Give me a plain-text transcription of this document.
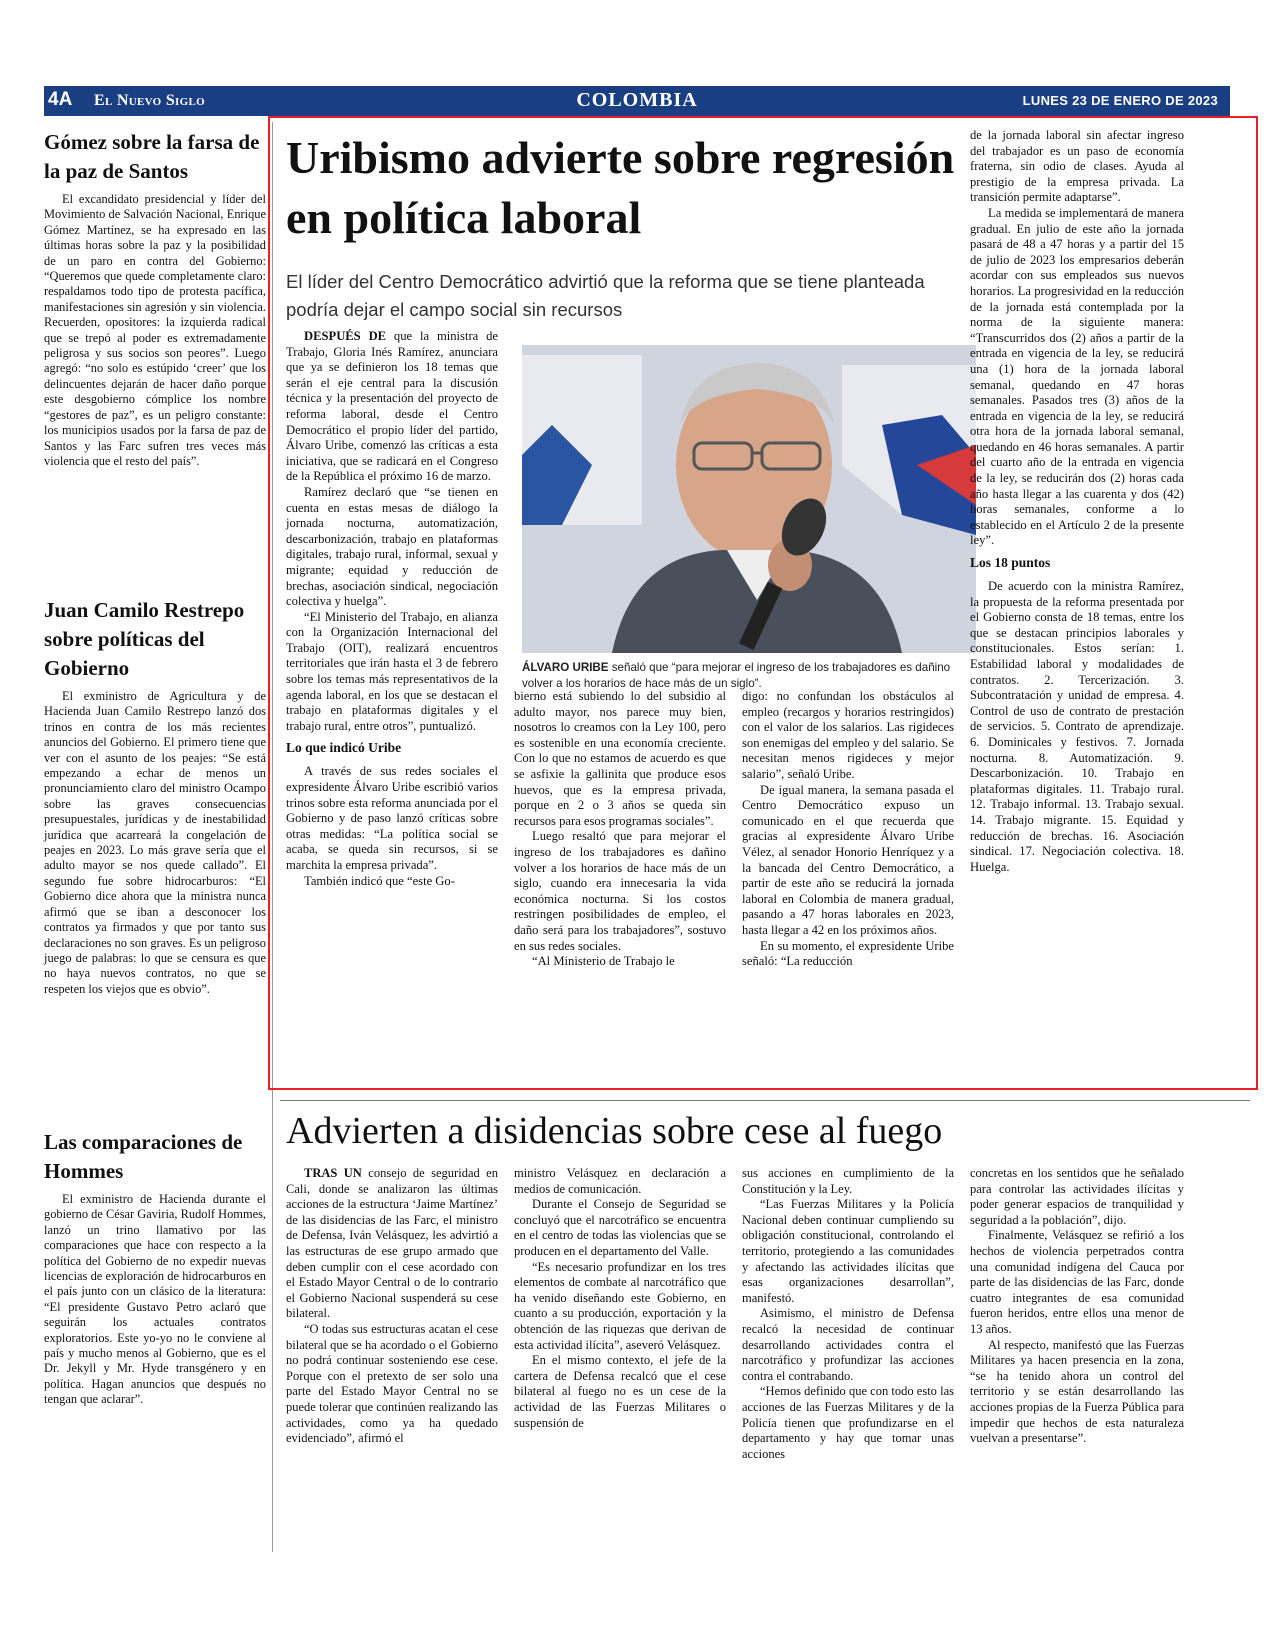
4A El Nuevo Siglo	COLOMBIA	LUNES 23 DE ENERO DE 2023
Gómez sobre la farsa de la paz de Santos

El excandidato presidencial y líder del Movimiento de Salvación Nacional, Enrique Gómez Martínez, se ha expresado en las últimas horas sobre la paz y la posibilidad de un paro en contra del Gobierno: “Queremos que quede completamente claro: respaldamos todo tipo de protesta pacífica, manifestaciones sin agresión y sin violencia. Recuerden, opositores: la izquierda radical que se trepó al poder es extremadamente peligrosa y sus socios son peores”. Luego agregó: “no solo es estúpido ‘creer’ que los delincuentes dejarán de hacer daño porque este desgobierno cómplice los nombre “gestores de paz”, es un peligro constante: los municipios usados por la farsa de paz de Santos y las Farc sufren tres veces más violencia que el resto del país”.

Juan Camilo Restrepo sobre políticas del Gobierno

El exministro de Agricultura y de Hacienda Juan Camilo Restrepo lanzó dos trinos en contra de los más recientes anuncios del Gobierno. El primero tiene que ver con el asunto de los peajes: “Se está empezando a echar de menos un pronunciamiento claro del ministro Ocampo sobre las graves consecuencias presupuestales, jurídicas y de inestabilidad jurídica que acarreará la congelación de peajes en 2023. Lo más grave sería que el adulto mayor se nos quede callado”. El segundo fue sobre hidrocarburos: “El Gobierno dice ahora que la ministra nunca afirmó que se iban a desconocer los contratos ya firmados y que por tanto sus declaraciones no son graves. Es un peligroso juego de palabras: lo que se censura es que no haya nuevos contratos, no que se respeten los viejos que es obvio”.

Las comparaciones de Hommes

El exministro de Hacienda durante el gobierno de César Gaviria, Rudolf Hommes, lanzó un trino llamativo por las comparaciones que hace con respecto a la política del Gobierno de no expedir nuevas licencias de exploración de hidrocarburos en el país junto con un clásico de la literatura: “El presidente Gustavo Petro aclaró que seguirán los actuales contratos exploratorios. Este yo-yo no le conviene al país y mucho menos al Gobierno, que es el Dr. Jekyll y Mr. Hyde transgénero y en política. Hagan anuncios que después no tengan que aclarar”.

Uribismo advierte sobre regresión en política laboral
El líder del Centro Democrático advirtió que la reforma que se tiene planteada podría dejar el campo social sin recursos
ÁLVARO URIBE señaló que “para mejorar el ingreso de los trabajadores es dañino volver a los horarios de hace más de un siglo”.

DESPUÉS DE que la ministra de Trabajo, Gloria Inés Ramírez, anunciara que ya se definieron los 18 temas que serán el eje central para la discusión técnica y la presentación del proyecto de reforma laboral, desde el Centro Democrático el propio líder del partido, Álvaro Uribe, comenzó las críticas a esta iniciativa, que se radicará en el Congreso de la República el próximo 16 de marzo.

Ramírez declaró que “se tienen en cuenta en estas mesas de diálogo la jornada nocturna, automatización, descarbonización, trabajo en plataformas digitales, trabajo rural, informal, sexual y migrante; equidad y reducción de brechas, asociación sindical, negociación colectiva y huelga”.

“El Ministerio del Trabajo, en alianza con la Organización Internacional del Trabajo (OIT), realizará encuentros territoriales que irán hasta el 3 de febrero sobre los temas más representativos de la agenda laboral, en los que se destacan el trabajo en plataformas digitales y el trabajo rural, entre otros”, puntualizó.

Lo que indicó Uribe

A través de sus redes sociales el expresidente Álvaro Uribe escribió varios trinos sobre esta reforma anunciada por el Gobierno y de paso lanzó críticas sobre otras medidas: “La política social se acaba, se queda sin recursos, si se marchita la empresa privada”.

También indicó que “este Go-

bierno está subiendo lo del subsidio al adulto mayor, nos parece muy bien, nosotros lo creamos con la Ley 100, pero es sostenible en una economía creciente. Con lo que no estamos de acuerdo es que se asfixie la gallinita que produce esos huevos, que es la empresa privada, porque en 2 o 3 años se queda sin recursos para esos programas sociales”.

Luego resaltó que para mejorar el ingreso de los trabajadores es dañino volver a los horarios de hace más de un siglo, cuando era innecesaria la vida económica nocturna. Si los costos restringen posibilidades de empleo, el daño será para los trabajadores”, sostuvo en sus redes sociales.

“Al Ministerio de Trabajo le

digo: no confundan los obstáculos al empleo (recargos y horarios restringidos) con el valor de los salarios. Las rigideces son enemigas del empleo y del salario. Se necesitan menos rigideces y mejor salario”, señaló Uribe.

De igual manera, la semana pasada el Centro Democrático expuso un comunicado en el que recuerda que gracias al expresidente Álvaro Uribe Vélez, al senador Honorio Henríquez y a la bancada del Centro Democrático, a partir de este año se reducirá la jornada laboral en Colombia de manera gradual, pasando a 47 horas laborales en 2023, hasta llegar a 42 en los próximos años.

En su momento, el expresidente Uribe señaló: “La reducción

de la jornada laboral sin afectar ingreso del trabajador es un paso de economía fraterna, sin odio de clases. Ayuda al prestigio de la empresa privada. La transición permite adaptarse”.

La medida se implementará de manera gradual. En julio de este año la jornada pasará de 48 a 47 horas y a partir del 15 de julio de 2023 los empresarios deberán acordar con sus empleados sus nuevos horarios. La progresividad en la reducción de la jornada está contemplada por la norma de la siguiente manera: “Transcurridos dos (2) años a partir de la entrada en vigencia de la ley, se reducirá una (1) hora de la jornada laboral semanal, quedando en 47 horas semanales. Pasados tres (3) años de la entrada en vigencia de la ley, se reducirá otra hora de la jornada laboral semanal, quedando en 46 horas semanales. A partir del cuarto año de la entrada en vigencia de la ley, se reducirán dos (2) horas cada año hasta llegar a las cuarenta y dos (42) horas semanales, conforme a lo establecido en el Artículo 2 de la presente ley”.

Los 18 puntos

De acuerdo con la ministra Ramírez, la propuesta de la reforma presentada por el Gobierno consta de 18 temas, entre los que se destacan principios laborales y constitucionales. Estos serían: 1. Estabilidad laboral y modalidades de contratos. 2. Tercerización. 3. Subcontratación y unidad de empresa. 4. Control de uso de contrato de prestación de servicios. 5. Contrato de aprendizaje. 6. Dominicales y festivos. 7. Jornada nocturna. 8. Automatización. 9. Descarbonización. 10. Trabajo en plataformas digitales. 11. Trabajo rural. 12. Trabajo informal. 13. Trabajo sexual. 14. Trabajo migrante. 15. Equidad y reducción de brechas. 16. Asociación sindical. 17. Negociación colectiva. 18. Huelga.

Advierten a disidencias sobre cese al fuego

TRAS UN consejo de seguridad en Cali, donde se analizaron las últimas acciones de la estructura ‘Jaime Martínez’ de las disidencias de las Farc, el ministro de Defensa, Iván Velásquez, les advirtió a las estructuras de ese grupo armado que deben cumplir con el cese acordado con el Estado Mayor Central o de lo contrario el Gobierno Nacional suspenderá su cese bilateral.

“O todas sus estructuras acatan el cese bilateral que se ha acordado o el Gobierno no podrá continuar sosteniendo ese cese. Porque con el pretexto de ser solo una parte del Estado Mayor Central no se puede tolerar que continúen realizando las actividades, como ya ha quedado evidenciado”, afirmó el

ministro Velásquez en declaración a medios de comunicación.

Durante el Consejo de Seguridad se concluyó que el narcotráfico se encuentra en el centro de todas las violencias que se producen en el departamento del Valle.

“Es necesario profundizar en los tres elementos de combate al narcotráfico que ha venido diseñando este Gobierno, en cuanto a su producción, exportación y la obtención de las riquezas que derivan de esta actividad ilícita”, aseveró Velásquez.

En el mismo contexto, el jefe de la cartera de Defensa recalcó que el cese bilateral al fuego no es un cese de la actividad de las Fuerzas Militares o suspensión de

sus acciones en cumplimiento de la Constitución y la Ley.

“Las Fuerzas Militares y la Policía Nacional deben continuar cumpliendo su obligación constitucional, controlando el territorio, protegiendo a las comunidades y afectando las actividades ilícitas que esas organizaciones desarrollan”, manifestó.

Asimismo, el ministro de Defensa recalcó la necesidad de continuar desarrollando actividades contra el narcotráfico y profundizar las acciones contra el contrabando.

“Hemos definido que con todo esto las acciones de las Fuerzas Militares y de la Policía tienen que profundizarse en el departamento y hay que tomar unas acciones

concretas en los sentidos que he señalado para controlar las actividades ilícitas y poder generar espacios de tranquilidad y seguridad a la población”, dijo.

Finalmente, Velásquez se refirió a los hechos de violencia perpetrados contra una comunidad indígena del Cauca por parte de las disidencias de las Farc, donde cuatro integrantes de esa comunidad fueron heridos, entre ellos una menor de 13 años.

Al respecto, manifestó que las Fuerzas Militares ya hacen presencia en la zona, “se ha tenido ahora un control del territorio y se están desarrollando las acciones propias de la Fuerza Pública para impedir que hechos de esta naturaleza vuelvan a presentarse”.
